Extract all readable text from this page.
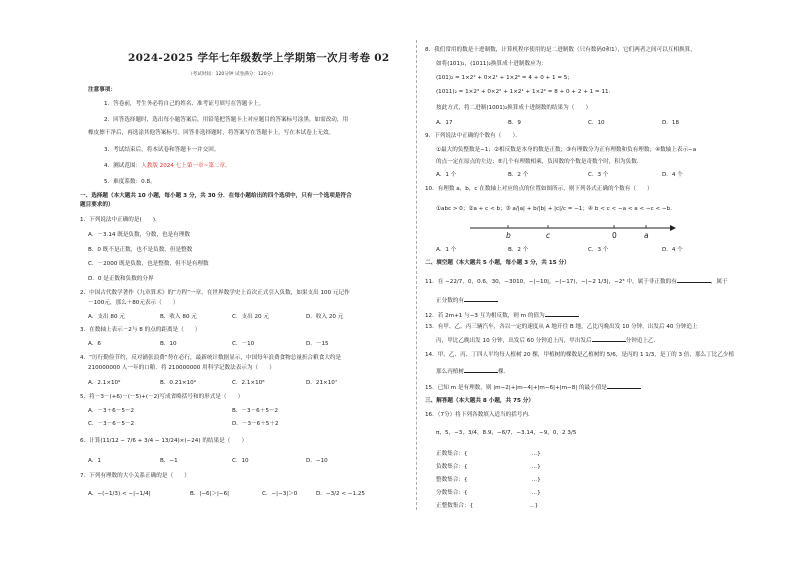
2024-2025 学年七年级数学上学期第一次月考卷 02
（考试时间：120分钟 试卷满分：120分）
注意事项：
1．答卷前，考生务必将自己的姓名、准考证号填写在答题卡上。
2．回答选择题时，选出每小题答案后，用铅笔把答题卡上对应题目的答案标号涂黑。如需改动，用
橡皮擦干净后，再选涂其他答案标号。回答非选择题时，将答案写在答题卡上。写在本试卷上无效。
3．考试结束后，将本试卷和答题卡一并交回。
4．测试范围：人教版 2024 七上第一章~第二章。
5．难度系数：0.8。
一、选择题（本大题共 10 小题，每小题 3 分，共 30 分．在每小题给出的四个选项中，只有一个选项是符合
题目要求的）
1．下列说法中正确的是(　　)．
A．－3.14 既是负数，分数，也是有理数
B．0 既不是正数，也不是负数，但是整数
C．－2000 既是负数，也是整数，但不是有理数
D．0 是正数和负数的分界
2．中国古代数学著作《九章算术》的“方程”一章，在世界数学史上首次正式引入负数，如果支出 100 元记作
－100元，那么＋80元表示（　　）
A．支出 80 元	B．收入 80 元	C．支出 20 元	D．收入 20 元
3．在数轴上表示－2与 8 的点的距离是（　　）
A．6	B．10	C．－10	D．－15
4．“厉行勤俭节约，反对铺张浪费”势在必行，最新统计数据显示，中国每年浪费食物总量折合粮食大约是
210000000 人一年的口粮．将 210000000 用科学记数法表示为（　　）
A．2.1×10⁹	B．0.21×10⁹	C．2.1×10⁸	D．21×10⁷
5．将－3－(+6)－(－5)+(－2)写成省略括号和的形式是（　　）
A．－3＋6－5－2	B．－3－6＋5－2
C．－3－6－5－2	D．－3－6＋5＋2
6．计算(11/12 − 7/6 + 3/4 − 13/24)×(−24) 的结果是（　　）
A．1	B．−1	C．10	D．−10
7．下列有理数的大小关系正确的是（　　）
A．−(−1/3) < −|−1/4|	B．|−6|＞|−6|	C．−|−3|＞0	D．−3/2 < −1.25
8．我们常用的数是十进制数，计算机程序使用的是二进制数（只有数码0和1），它们两者之间可以互相换算，
如将(101)₂，(1011)₂换算成十进制数应为：
(101)₂ = 1×2² + 0×2¹ + 1×2⁰ = 4 + 0 + 1 = 5；
(1011)₂ = 1×2³ + 0×2² + 1×2¹ + 1×2⁰ = 8 + 0 + 2 + 1 = 11．
按此方式，将二进制(1001)₂换算成十进制数的结果为（　　）
A．17	B．9	C．10	D．18
9．下列说法中正确的个数有（　　）．
①最大的负整数是−1；②相反数是本身的数是正数；③有理数分为正有理数和负有理数；④数轴上表示−a
的点一定在原点的左边；⑤几个有理数相乘，负因数的个数是奇数个时，积为负数．
A．1 个	B．2 个	C．3 个	D．4 个
10．有理数 a，b，c 在数轴上对应的点的位置如图所示，则下列各式正确的个数有（　　）
①abc > 0；②a + c < b；③ a/|a| + b/|b| + |c|/c = −1；④ b < c < −a < a < −c < −b．
b	c	0	a
A．1 个	B．2 个	C．3 个	D．4 个
二、填空题（本大题共 5 小题，每小题 3 分，共 15 分）
11．在 −22/7，0，0.6，30，−3010，−|−10|，−(−17)，−|−2 1/3|，−2³ 中，属于非正数的有	，属于
正分数的有
12．若 2m+1 与−3 互为相反数，则 m 的值为
13．有甲、乙、丙三辆汽车，各以一定的速度从 A 地开往 B 地，乙比丙晚出发 10 分钟，出发后 40 分钟追上
丙，甲比乙晚出发 10 分钟，出发后 60 分钟追上丙，甲出发后	分钟追上乙．
14．甲、乙、丙、丁四人平均每人植树 20 棵，甲植树的棵数是乙植树的 5/6，是丙的 1 1/3，是丁的 3 倍，那么丁比乙少植
那么丙植树	棵．
15．已知 m 是有理数，则 |m−2|+|m−4|+|m−6|+|m−8| 的最小值是
三、解答题（本大题共 8 小题，共 75 分）
16．（7分）将下列各数填入适当的括号内．
π，5，−3，3/4，8.9，−6/7，−3.14，−9，0，2 3/5
正数集合：{	…}
负数集合：{	…}
整数集合：{	…}
分数集合：{	…}
正整数集合：{	…}
